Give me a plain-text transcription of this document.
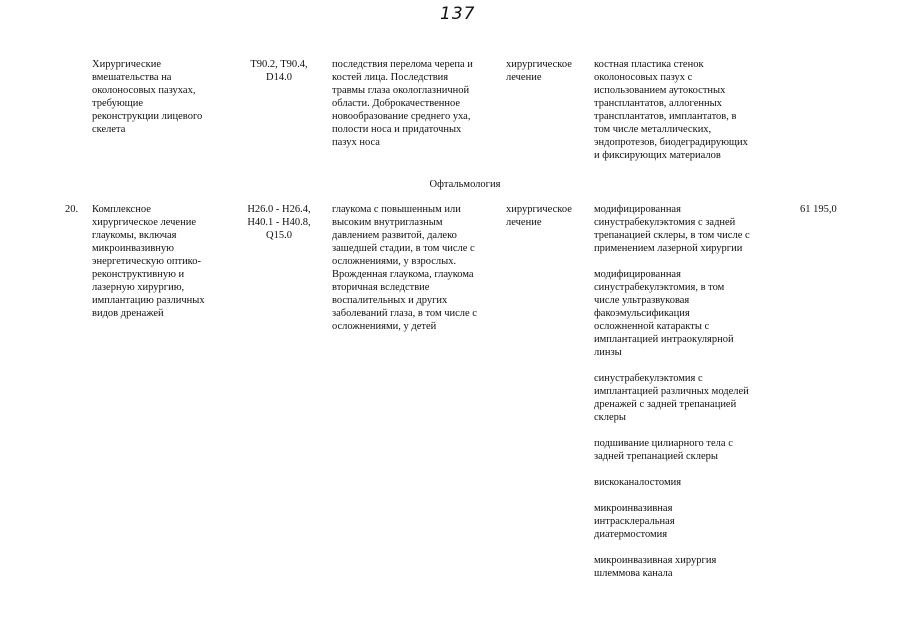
137
Хирургические
вмешательства на
околоносовых пазухах,
требующие
реконструкции лицевого
скелета
T90.2, T90.4,
D14.0
последствия перелома черепа и
костей лица. Последствия
травмы глаза окологлазничной
области. Доброкачественное
новообразование среднего уха,
полости носа и придаточных
пазух носа
хирургическое
лечение
костная пластика стенок
околоносовых пазух с
использованием аутокостных
трансплантатов, аллогенных
трансплантатов, имплантатов, в
том числе металлических,
эндопротезов, биодеградирующих
и фиксирующих материалов
Офтальмология
20.	Комплексное
хирургическое лечение
глаукомы, включая
микроинвазивную
энергетическую оптико-
реконструктивную и
лазерную хирургию,
имплантацию различных
видов дренажей
H26.0 - H26.4,
H40.1 - H40.8,
Q15.0
глаукома с повышенным или
высоким внутриглазным
давлением развитой, далеко
зашедшей стадии, в том числе с
осложнениями, у взрослых.
Врожденная глаукома, глаукома
вторичная вследствие
воспалительных и других
заболеваний глаза, в том числе с
осложнениями, у детей
хирургическое
лечение
модифицированная
синустрабекулэктомия с задней
трепанацией склеры, в том числе с
применением лазерной хирургии
модифицированная
синустрабекулэктомия, в том
числе ультразвуковая
факоэмульсификация
осложненной катаракты с
имплантацией интраокулярной
линзы
синустрабекулэктомия с
имплантацией различных моделей
дренажей с задней трепанацией
склеры
подшивание цилиарного тела с
задней трепанацией склеры
вискоканалостомия
микроинвазивная
интрасклеральная
диатермостомия
микроинвазивная хирургия
шлеммова канала
61 195,0
